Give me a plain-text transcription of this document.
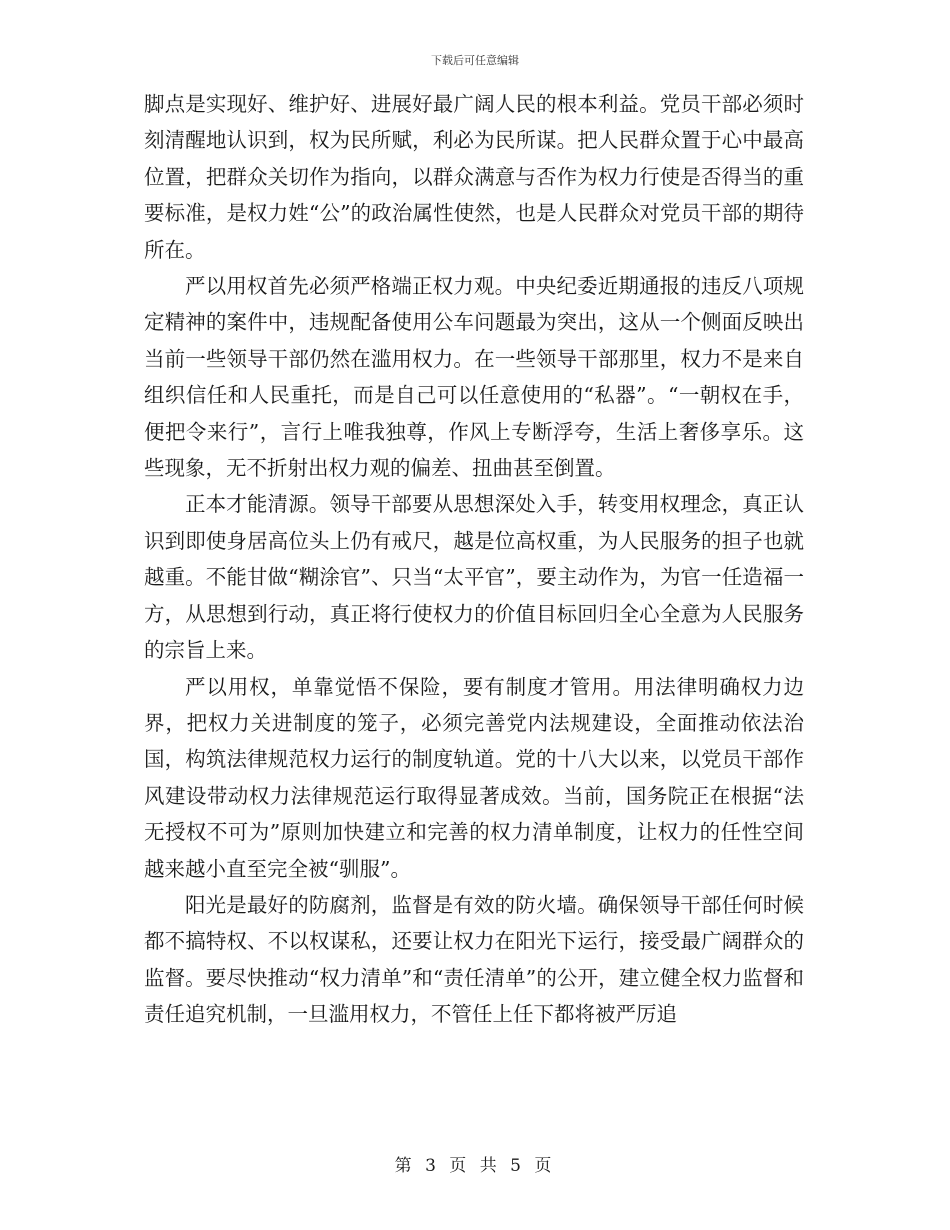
下载后可任意编辑

脚点是实现好、维护好、进展好最广阔人民的根本利益。党员干部必须时刻清醒地认识到，权为民所赋，利必为民所谋。把人民群众置于心中最高位置，把群众关切作为指向，以群众满意与否作为权力行使是否得当的重要标准，是权力姓“公”的政治属性使然，也是人民群众对党员干部的期待所在。

严以用权首先必须严格端正权力观。中央纪委近期通报的违反八项规定精神的案件中，违规配备使用公车问题最为突出，这从一个侧面反映出当前一些领导干部仍然在滥用权力。在一些领导干部那里，权力不是来自组织信任和人民重托，而是自己可以任意使用的“私器”。“一朝权在手，便把令来行”，言行上唯我独尊，作风上专断浮夸，生活上奢侈享乐。这些现象，无不折射出权力观的偏差、扭曲甚至倒置。

正本才能清源。领导干部要从思想深处入手，转变用权理念，真正认识到即使身居高位头上仍有戒尺，越是位高权重，为人民服务的担子也就越重。不能甘做“糊涂官”、只当“太平官”，要主动作为，为官一任造福一方，从思想到行动，真正将行使权力的价值目标回归全心全意为人民服务的宗旨上来。

严以用权，单靠觉悟不保险，要有制度才管用。用法律明确权力边界，把权力关进制度的笼子，必须完善党内法规建设，全面推动依法治国，构筑法律规范权力运行的制度轨道。党的十八大以来，以党员干部作风建设带动权力法律规范运行取得显著成效。当前，国务院正在根据“法无授权不可为”原则加快建立和完善的权力清单制度，让权力的任性空间越来越小直至完全被“驯服”。

阳光是最好的防腐剂，监督是有效的防火墙。确保领导干部任何时候都不搞特权、不以权谋私，还要让权力在阳光下运行，接受最广阔群众的监督。要尽快推动“权力清单”和“责任清单”的公开，建立健全权力监督和责任追究机制，一旦滥用权力，不管任上任下都将被严厉追

第 3 页 共 5 页
